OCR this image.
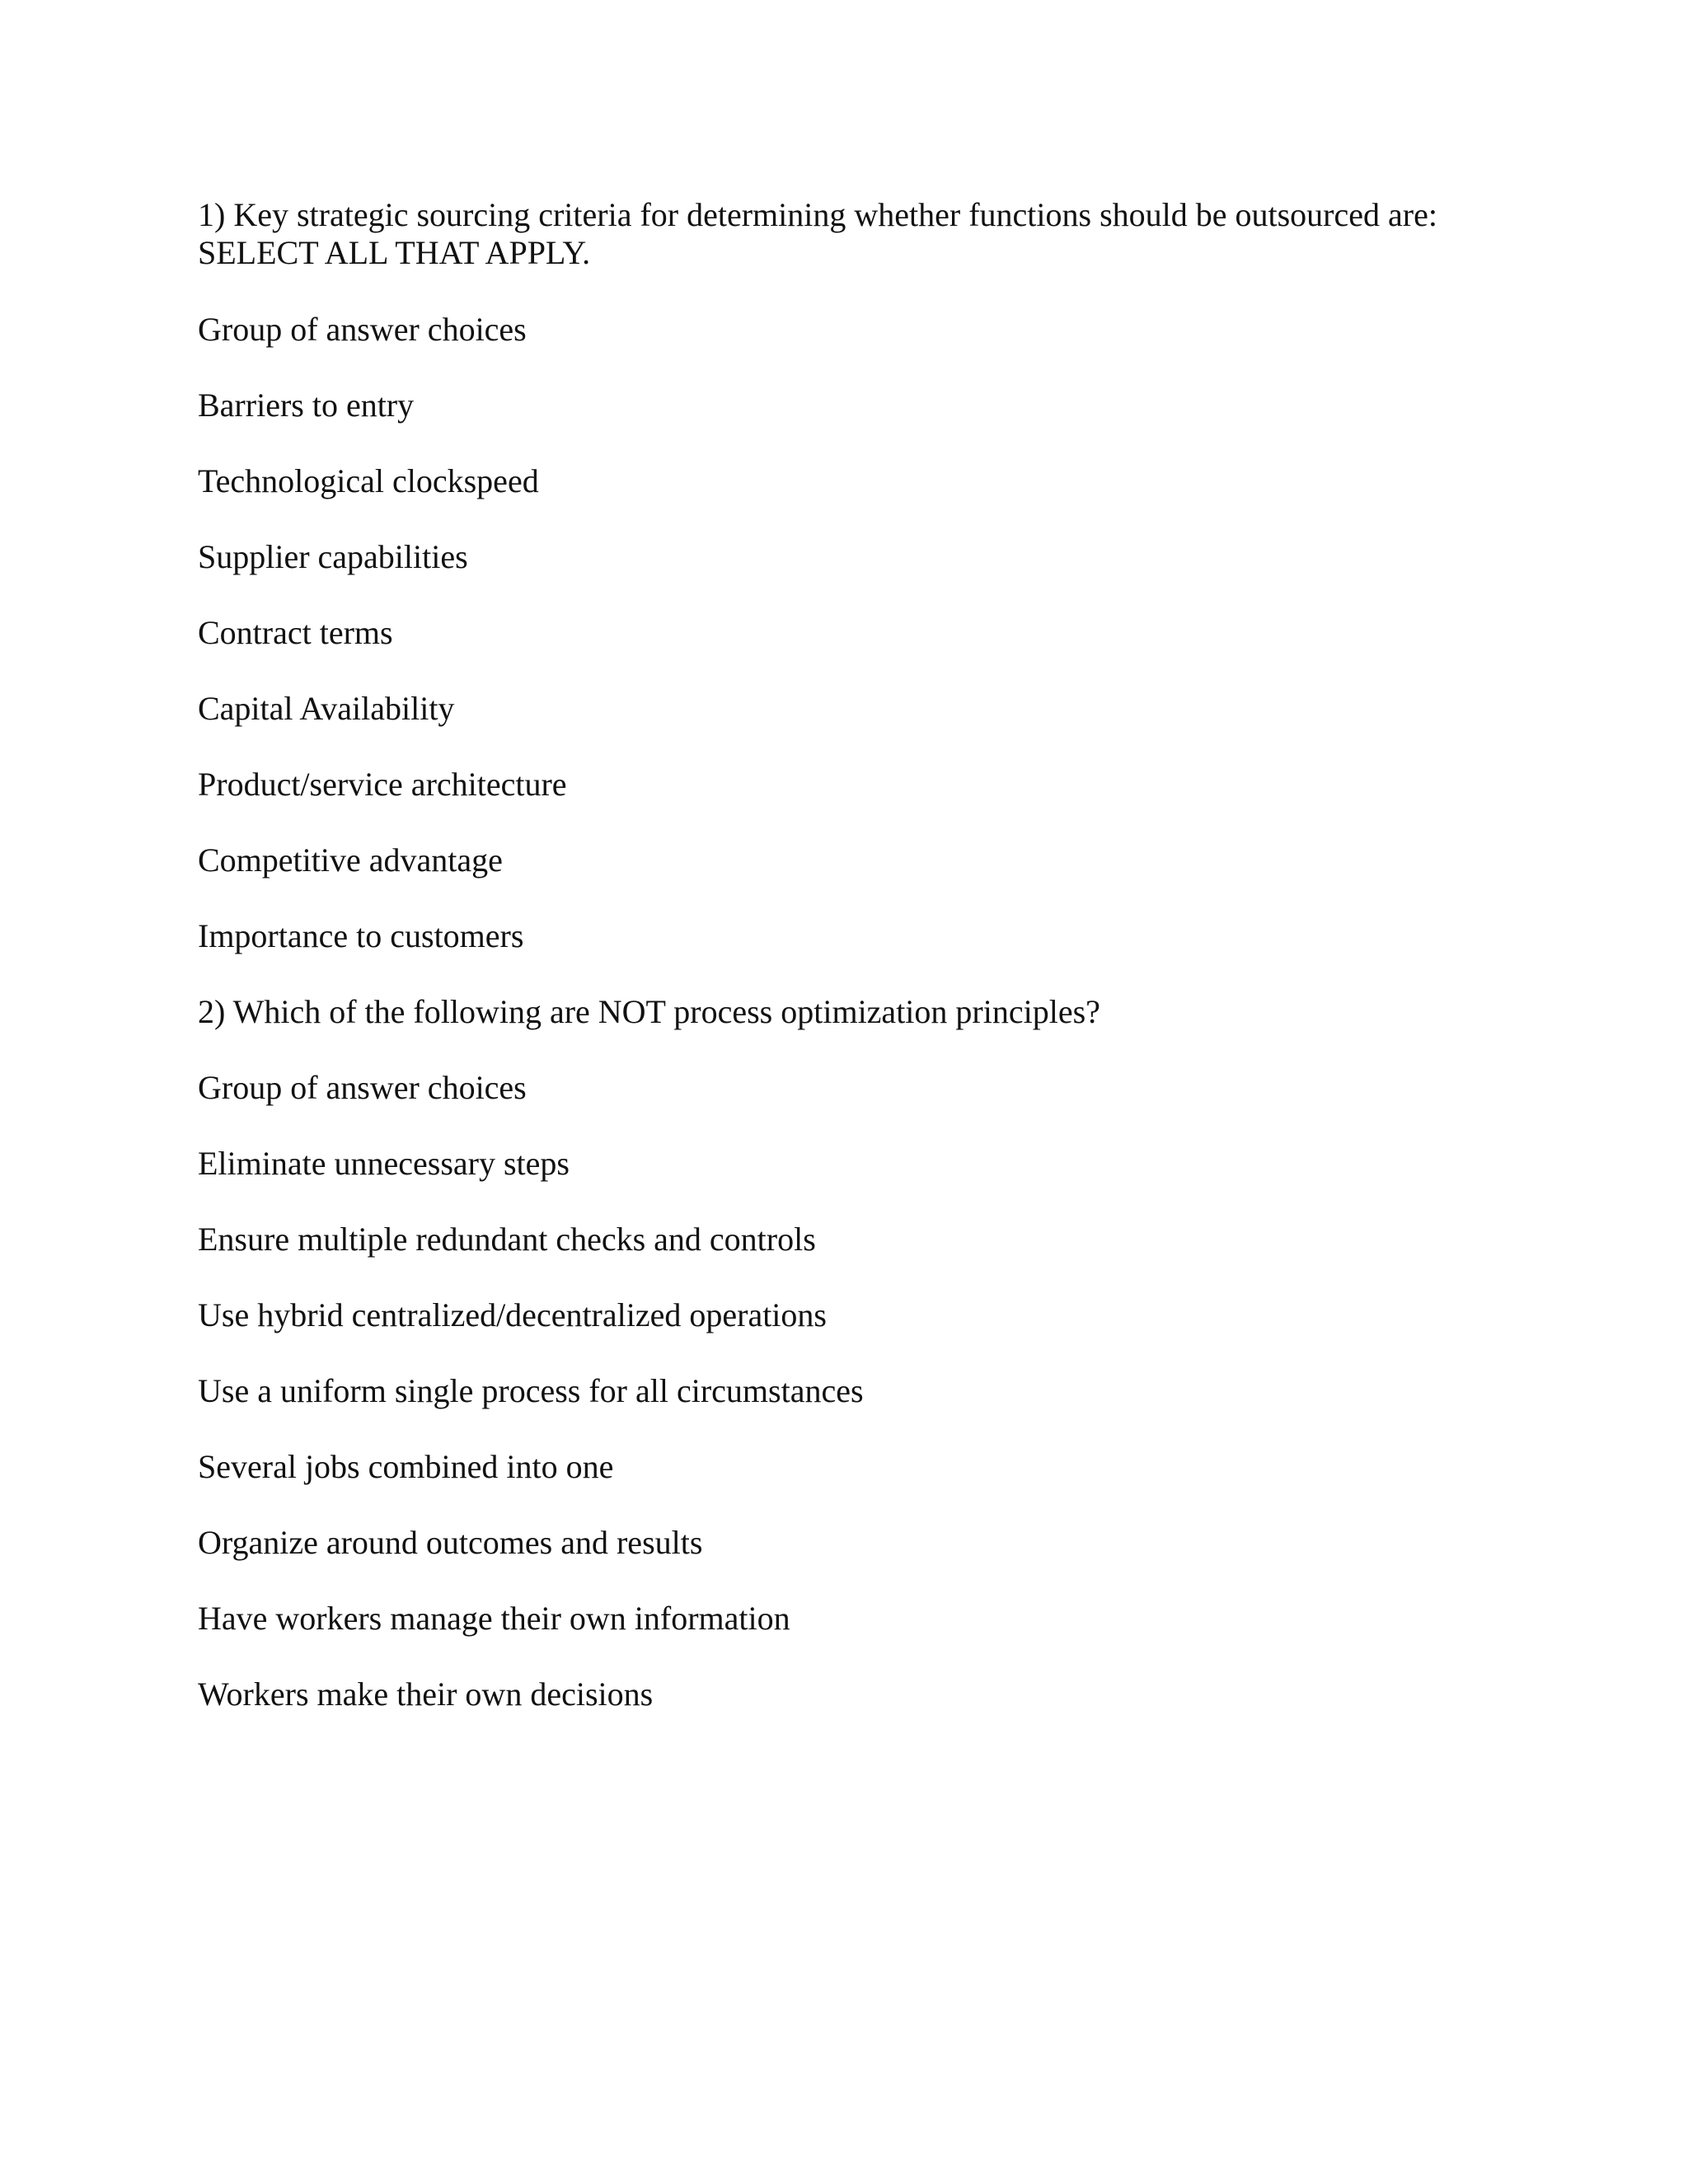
1) Key strategic sourcing criteria for determining whether functions should be outsourced are:
SELECT ALL THAT APPLY.
Group of answer choices
Barriers to entry
Technological clockspeed
Supplier capabilities
Contract terms
Capital Availability
Product/service architecture
Competitive advantage
Importance to customers
2) Which of the following are NOT process optimization principles?
Group of answer choices
Eliminate unnecessary steps
Ensure multiple redundant checks and controls
Use hybrid centralized/decentralized operations
Use a uniform single process for all circumstances
Several jobs combined into one
Organize around outcomes and results
Have workers manage their own information
Workers make their own decisions
